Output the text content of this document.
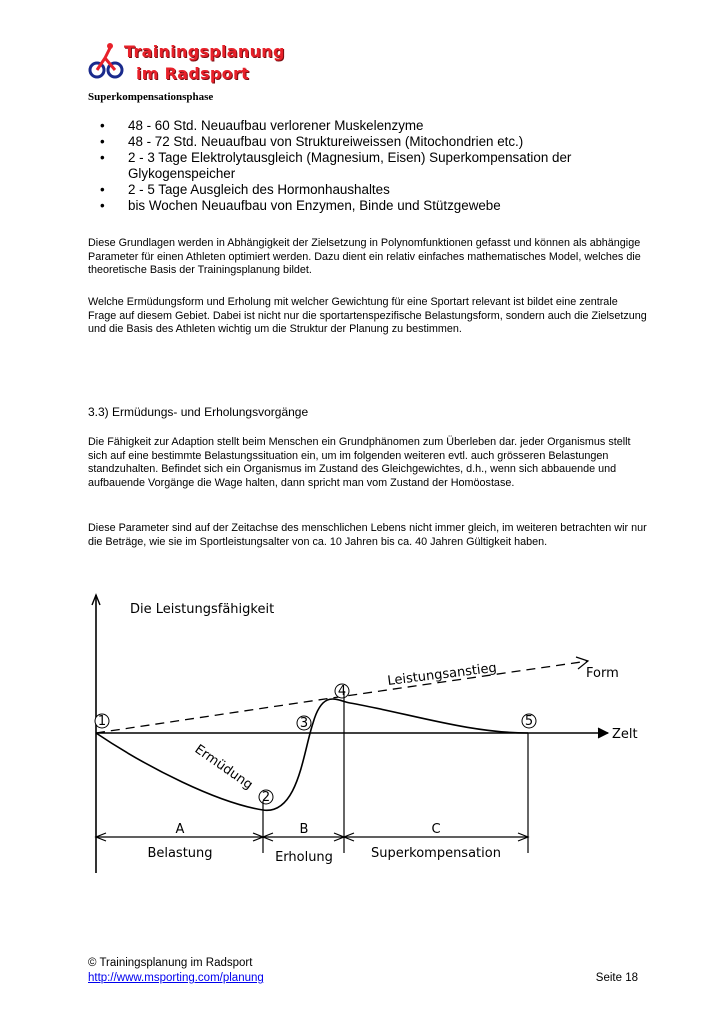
Trainingsplanung
im Radsport
Superkompensationsphase
• 48 - 60 Std. Neuaufbau verlorener Muskelenzyme
• 48 - 72 Std. Neuaufbau von Struktureiweissen (Mitochondrien etc.)
• 2 - 3 Tage Elektrolytausgleich (Magnesium, Eisen) Superkompensation der Glykogenspeicher
• 2 - 5 Tage Ausgleich des Hormonhaushaltes
• bis Wochen Neuaufbau von Enzymen, Binde und Stützgewebe

Diese Grundlagen werden in Abhängigkeit der Zielsetzung in Polynomfunktionen gefasst und können als abhängige Parameter für einen Athleten optimiert werden. Dazu dient ein relativ einfaches mathematisches Model, welches die theoretische Basis der Trainingsplanung bildet.

Welche Ermüdungsform und Erholung mit welcher Gewichtung für eine Sportart relevant ist bildet eine zentrale Frage auf diesem Gebiet. Dabei ist nicht nur die sportartenspezifische Belastungsform, sondern auch die Zielsetzung und die Basis des Athleten wichtig um die Struktur der Planung zu bestimmen.

3.3) Ermüdungs- und Erholungsvorgänge

Die Fähigkeit zur Adaption stellt beim Menschen ein Grundphänomen zum Überleben dar. jeder Organismus stellt sich auf eine bestimmte Belastungssituation ein, um im folgenden weiteren evtl. auch grösseren Belastungen standzuhalten. Befindet sich ein Organismus im Zustand des Gleichgewichtes, d.h., wenn sich abbauende und aufbauende Vorgänge die Wage halten, dann spricht man vom Zustand der Homöostase.

Diese Parameter sind auf der Zeitachse des menschlichen Lebens nicht immer gleich, im weiteren betrachten wir nur die Beträge, wie sie im Sportleistungsalter von ca. 10 Jahren bis ca. 40 Jahren Gültigkeit haben.

Die Leistungsfähigkeit
Zelt
Leistungsanstieg	Form
Ermüdung
1
2
3
4
5
A	B	C
Belastung	Erholung	Superkompensation
© Trainingsplanung im Radsport
http://www.msporting.com/planung	Seite 18
